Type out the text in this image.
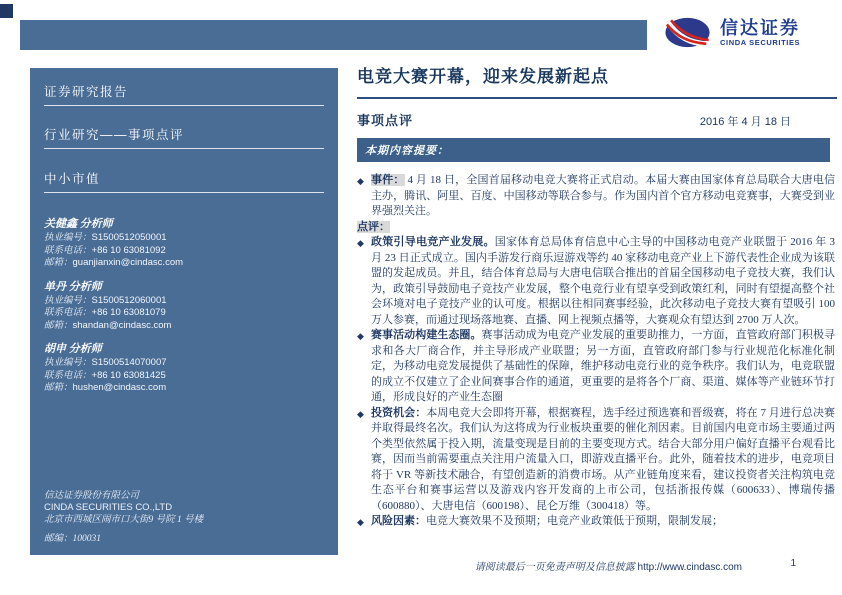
信达证券
CINDA SECURITIES
证券研究报告
行业研究——事项点评
中小市值
关健鑫 分析师
执业编号：S1500512050001
联系电话：+86 10 63081092
邮箱：guanjianxin@cindasc.com
单丹 分析师
执业编号：S1500512060001
联系电话：+86 10 63081079
邮箱：shandan@cindasc.com
胡申 分析师
执业编号：S1500514070007
联系电话：+86 10 63081425
邮箱：hushen@cindasc.com
信达证券股份有限公司
CINDA SECURITIES CO.,LTD
北京市西城区闹市口大街9 号院 1 号楼
邮编：100031
电竞大赛开幕，迎来发展新起点
事项点评	2016 年 4 月 18 日
本期内容提要：
◆ 事件： 4 月 18 日，全国首届移动电竞大赛将正式启动。本届大赛由国家体育总局联合大唐电信主办，腾讯、阿里、百度、中国移动等联合参与。作为国内首个官方移动电竞赛事，大赛受到业界强烈关注。
点评：
◆ 政策引导电竞产业发展。国家体育总局体育信息中心主导的中国移动电竞产业联盟于 2016 年 3 月 23 日正式成立。国内手游发行商乐逗游戏等约 40 家移动电竞产业上下游代表性企业成为该联盟的发起成员。并且，结合体育总局与大唐电信联合推出的首届全国移动电子竞技大赛，我们认为，政策引导鼓励电子竞技产业发展，整个电竞行业有望享受到政策红利，同时有望提高整个社会环境对电子竞技产业的认可度。根据以往相同赛事经验，此次移动电子竞技大赛有望吸引 100 万人参赛，而通过现场落地赛、直播、网上视频点播等，大赛观众有望达到 2700 万人次。
◆ 赛事活动构建生态圈。赛事活动成为电竞产业发展的重要助推力，一方面，直管政府部门积极寻求和各大厂商合作，并主导形成产业联盟；另一方面，直管政府部门参与行业规范化标准化制定，为移动电竞发展提供了基础性的保障，维护移动电竞行业的竞争秩序。我们认为，电竞联盟的成立不仅建立了企业间赛事合作的通道，更重要的是将各个厂商、渠道、媒体等产业链环节打通，形成良好的产业生态圈
◆ 投资机会：本周电竞大会即将开幕，根据赛程，选手经过预选赛和晋级赛，将在 7 月进行总决赛并取得最终名次。我们认为这将成为行业板块重要的催化剂因素。目前国内电竞市场主要通过两个类型依然属于投入期，流量变现是目前的主要变现方式。结合大部分用户偏好直播平台观看比赛，因而当前需要重点关注用户流量入口，即游戏直播平台。此外，随着技术的进步，电竞项目将于 VR 等新技术融合，有望创造新的消费市场。从产业链角度来看，建议投资者关注构筑电竞生态平台和赛事运营以及游戏内容开发商的上市公司，包括浙报传媒（600633）、博瑞传播（600880）、大唐电信（600198）、昆仑万维（300418）等。
◆ 风险因素：电竞大赛效果不及预期；电竞产业政策低于预期，限制发展；
请阅读最后一页免责声明及信息披露 http://www.cindasc.com	1
